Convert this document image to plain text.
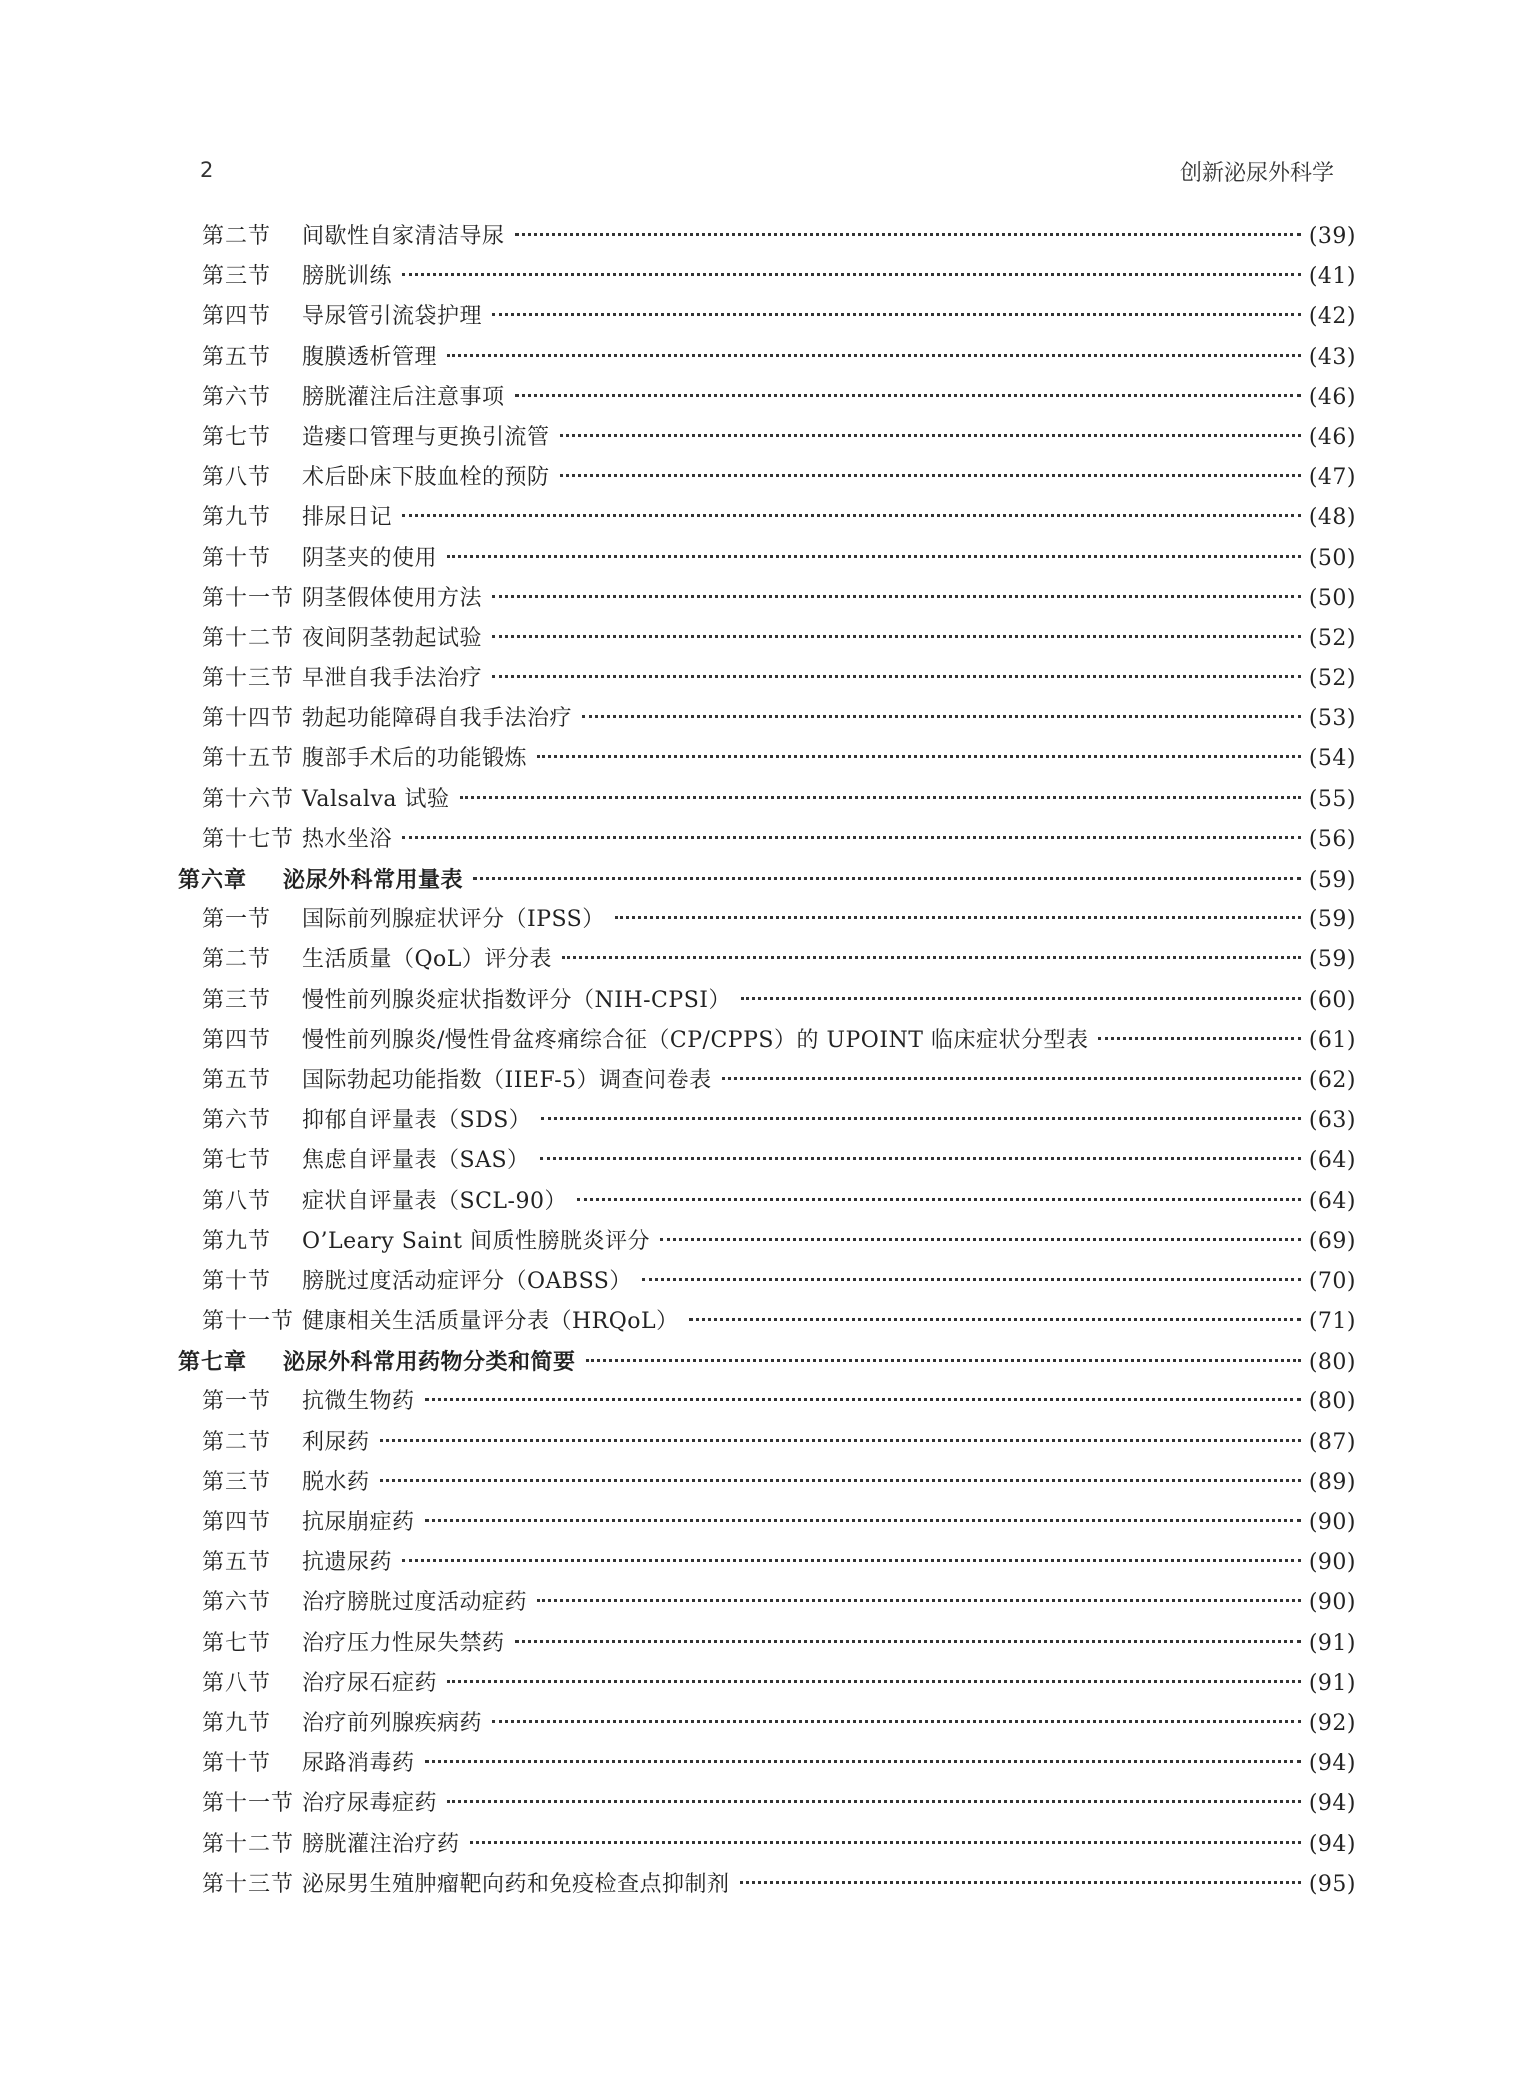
2	创新泌尿外科学
第二节	间歇性自家清洁导尿	(39)
第三节	膀胱训练	(41)
第四节	导尿管引流袋护理	(42)
第五节	腹膜透析管理	(43)
第六节	膀胱灌注后注意事项	(46)
第七节	造瘘口管理与更换引流管	(46)
第八节	术后卧床下肢血栓的预防	(47)
第九节	排尿日记	(48)
第十节	阴茎夹的使用	(50)
第十一节 阴茎假体使用方法	(50)
第十二节 夜间阴茎勃起试验	(52)
第十三节 早泄自我手法治疗	(52)
第十四节 勃起功能障碍自我手法治疗	(53)
第十五节 腹部手术后的功能锻炼	(54)
第十六节 Valsalva 试验	(55)
第十七节 热水坐浴	(56)
第六章	泌尿外科常用量表	(59)
第一节	国际前列腺症状评分（IPSS）	(59)
第二节	生活质量（QoL）评分表	(59)
第三节	慢性前列腺炎症状指数评分（NIH-CPSI）	(60)
第四节	慢性前列腺炎/慢性骨盆疼痛综合征（CP/CPPS）的 UPOINT 临床症状分型表	(61)
第五节	国际勃起功能指数（IIEF-5）调查问卷表	(62)
第六节	抑郁自评量表（SDS）	(63)
第七节	焦虑自评量表（SAS）	(64)
第八节	症状自评量表（SCL-90）	(64)
第九节	O’Leary Saint 间质性膀胱炎评分	(69)
第十节	膀胱过度活动症评分（OABSS）	(70)
第十一节 健康相关生活质量评分表（HRQoL）	(71)
第七章	泌尿外科常用药物分类和简要	(80)
第一节	抗微生物药	(80)
第二节	利尿药	(87)
第三节	脱水药	(89)
第四节	抗尿崩症药	(90)
第五节	抗遗尿药	(90)
第六节	治疗膀胱过度活动症药	(90)
第七节	治疗压力性尿失禁药	(91)
第八节	治疗尿石症药	(91)
第九节	治疗前列腺疾病药	(92)
第十节	尿路消毒药	(94)
第十一节 治疗尿毒症药	(94)
第十二节 膀胱灌注治疗药	(94)
第十三节 泌尿男生殖肿瘤靶向药和免疫检查点抑制剂	(95)
